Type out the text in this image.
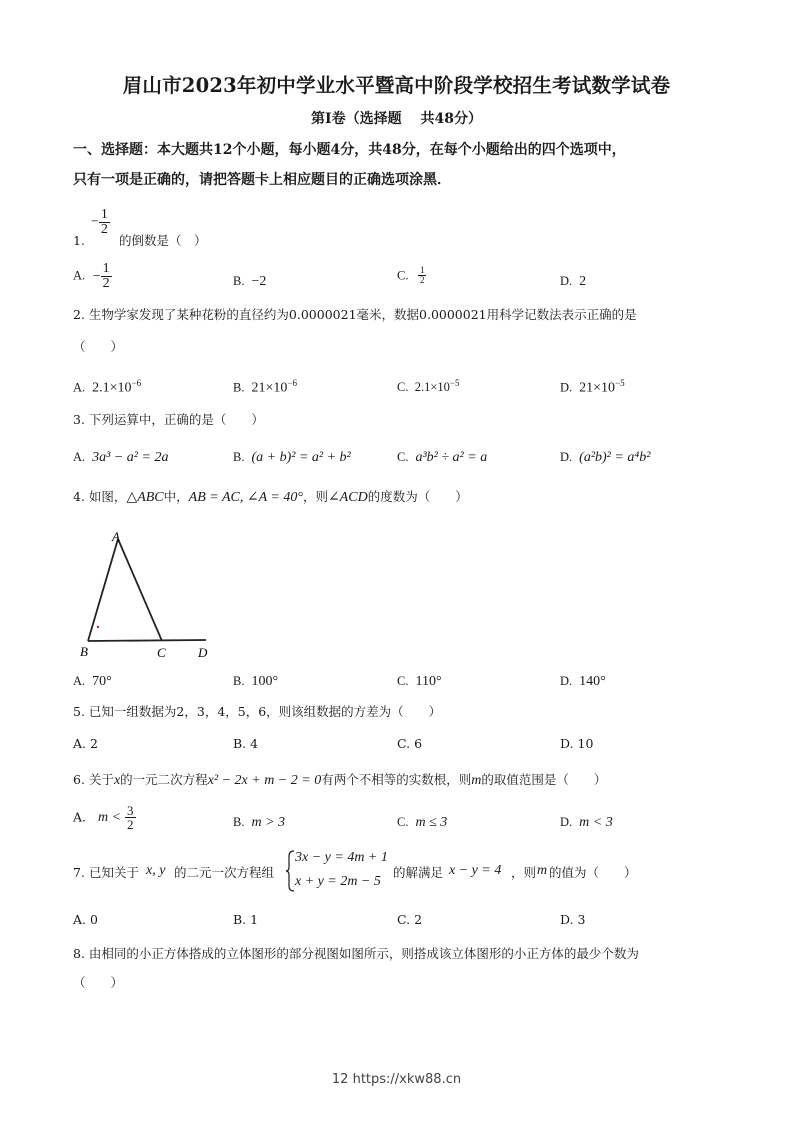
眉山市2023年初中学业水平暨高中阶段学校招生考试数学试卷
第Ⅰ卷（选择题　 共48分）
一、选择题：本大题共12个小题，每小题4分，共48分，在每个小题给出的四个选项中，
只有一项是正确的，请把答题卡上相应题目的正确选项涂黑．
1.
− $\frac{1}{2}$
的倒数是（　）
A. − $\frac{1}{2}$	B.  −2	C. $\frac{1}{2}$	D.  2
2. 生物学家发现了某种花粉的直径约为0.0000021毫米，数据0.0000021用科学记数法表示正确的是
（　　）
A. $2.1\times 10^{-6}$	B. $21\times 10^{-6}$	C. $2.1\times 10^{-5}$	D. $21\times 10^{-5}$
3. 下列运算中，正确的是（　　）
A. 3a³ − a² = 2a	B. (a + b)² = a² + b²	C. a³b² ÷ a² = a	D. (a²b)² = a⁴b²
4. 如图，△ABC中，AB = AC, ∠A = 40°，则∠ACD的度数为（　　）
A
B	C D
A. 70°	B. 100°	C. 110°	D. 140°
5. 已知一组数据为2，3，4，5，6，则该组数据的方差为（　　）
A. 2	B. 4	C. 6	D. 10
6. 关于x的一元二次方程x² − 2x + m − 2 = 0有两个不相等的实数根，则m的取值范围是（　　）
A. $m < \frac{3}{2}$	B. m > 3	C. m ≤ 3	D. m < 3
7. 已知关于 x, y 的二元一次方程组
3x − y = 4m + 1
x + y = 2m − 5
的解满足 x − y = 4 ，则 m 的值为（　　）
A. 0	B. 1	C. 2	D. 3
8. 由相同的小正方体搭成的立体图形的部分视图如图所示，则搭成该立体图形的小正方体的最少个数为
（　　）
12 https://xkw88.cn
